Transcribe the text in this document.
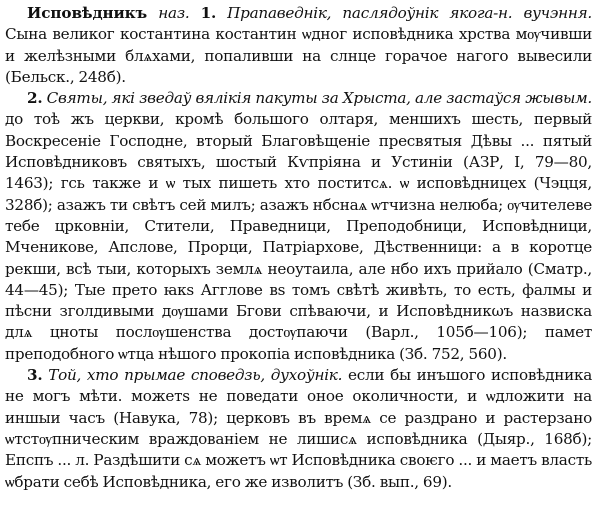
Исповѣдникъ наз. 1. Прапаведнік, паслядоўнік якога-н. вучэння. Сына великог костантина костантин ѡдног исповѣдника хрства мѹчивши и желѣзными блѧхами, попаливши на слнце горачое нагого вывесили (Бельск., 248б).

2. Святы, які зведаў вялікія пакуты за Хрыста, але застаўся жывым. до тоѣ жъ церкви, кромѣ большого олтаря, меншихъ шесть, первый Воскресеніе Господне, вторый Благовѣщеніе пресвятыя Дѣвы ... пятый Исповѣдниковъ святыхъ, шостый Кѵпріяна и Устиніи (АЗР, I, 79—80, 1463); гсь также и ѡ тых пишеть хто поститсѧ. ѡ исповѣдницех (Чэцця, 328б); азажъ ти свѣтъ сей милъ; азажъ нбснаѧ ѡтчизна нелюба; ѹчителеве тебе црковніи, Стители, Праведници, Преподобници, Исповѣдници, Мчениковe, Апслове, Прорци, Патріархове, Дѣственници: а в коротце рекши, всѣ тыи, которыхъ землѧ неоутаила, але нбо ихъ прийало (Сматр., 44—45); Тые прето ꙗкѕ Аггловe вѕ томъ свѣтѣ живѣть, то есть, фалмы и пѣсни зголдивыми дѹшами Бгови спѣваючи, и Исповѣдникωъ назвиска длѧ цноты послѹшенства достѹпаючи (Варл., 105б—106); памет преподобного ѡтца нѣшого прокопіа исповѣдника (Зб. 752, 560).

3. Той, хто прымае споведзь, духоўнік. если бы инъшого исповѣдника не могъ мѣти. можетѕ не поведати оное околичности, и ѡдложити на иншыи часъ (Навука, 78); церковъ въ времѧ се раздрано и растерзано ѡтстѹпническим враждованіем не лишисѧ исповѣдника (Дыяр., 168б); Епспъ ... л. Раздѣшити сѧ можетъ ѡт Исповѣдника своѥго ... и маетъ власть ѡбрати себѣ Исповѣдника, его же изволитъ (Зб. вып., 69).
